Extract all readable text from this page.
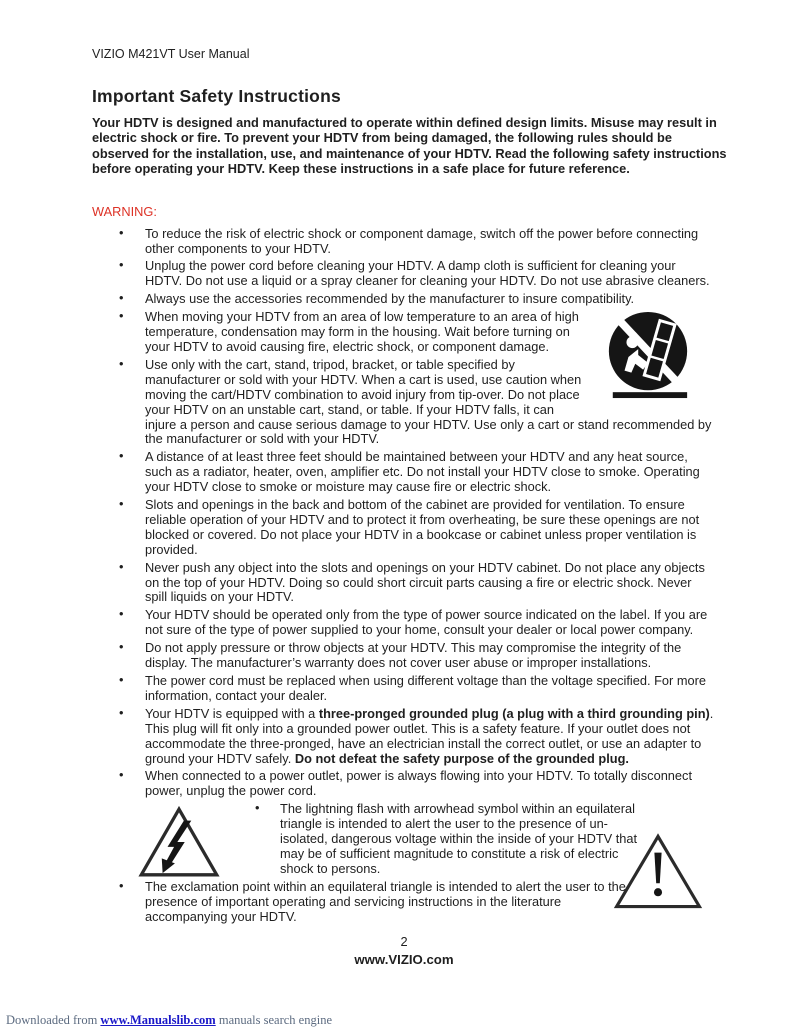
VIZIO M421VT User Manual
Important Safety Instructions
Your HDTV is designed and manufactured to operate within defined design limits. Misuse may result in electric shock or fire. To prevent your HDTV from being damaged, the following rules should be observed for the installation, use, and maintenance of your HDTV. Read the following safety instructions before operating your HDTV. Keep these instructions in a safe place for future reference.
WARNING:
• To reduce the risk of electric shock or component damage, switch off the power before connecting other components to your HDTV.
• Unplug the power cord before cleaning your HDTV. A damp cloth is sufficient for cleaning your HDTV. Do not use a liquid or a spray cleaner for cleaning your HDTV. Do not use abrasive cleaners.
• Always use the accessories recommended by the manufacturer to insure compatibility.
• When moving your HDTV from an area of low temperature to an area of high temperature, condensation may form in the housing. Wait before turning on your HDTV to avoid causing fire, electric shock, or component damage.
• Use only with the cart, stand, tripod, bracket, or table specified by manufacturer or sold with your HDTV. When a cart is used, use caution when moving the cart/HDTV combination to avoid injury from tip-over. Do not place your HDTV on an unstable cart, stand, or table. If your HDTV falls, it can injure a person and cause serious damage to your HDTV. Use only a cart or stand recommended by the manufacturer or sold with your HDTV.
• A distance of at least three feet should be maintained between your HDTV and any heat source, such as a radiator, heater, oven, amplifier etc. Do not install your HDTV close to smoke. Operating your HDTV close to smoke or moisture may cause fire or electric shock.
• Slots and openings in the back and bottom of the cabinet are provided for ventilation. To ensure reliable operation of your HDTV and to protect it from overheating, be sure these openings are not blocked or covered. Do not place your HDTV in a bookcase or cabinet unless proper ventilation is provided.
• Never push any object into the slots and openings on your HDTV cabinet. Do not place any objects on the top of your HDTV. Doing so could short circuit parts causing a fire or electric shock. Never spill liquids on your HDTV.
• Your HDTV should be operated only from the type of power source indicated on the label. If you are not sure of the type of power supplied to your home, consult your dealer or local power company.
• Do not apply pressure or throw objects at your HDTV. This may compromise the integrity of the display. The manufacturer’s warranty does not cover user abuse or improper installations.
• The power cord must be replaced when using different voltage than the voltage specified. For more information, contact your dealer.
• Your HDTV is equipped with a three-pronged grounded plug (a plug with a third grounding pin). This plug will fit only into a grounded power outlet. This is a safety feature. If your outlet does not accommodate the three-pronged, have an electrician install the correct outlet, or use an adapter to ground your HDTV safely. Do not defeat the safety purpose of the grounded plug.
• When connected to a power outlet, power is always flowing into your HDTV. To totally disconnect power, unplug the power cord.
• The lightning flash with arrowhead symbol within an equilateral triangle is intended to alert the user to the presence of un-isolated, dangerous voltage within the inside of your HDTV that may be of sufficient magnitude to constitute a risk of electric shock to persons.
• The exclamation point within an equilateral triangle is intended to alert the user to the presence of important operating and servicing instructions in the literature accompanying your HDTV.
2
www.VIZIO.com
Downloaded from www.Manualslib.com manuals search engine
